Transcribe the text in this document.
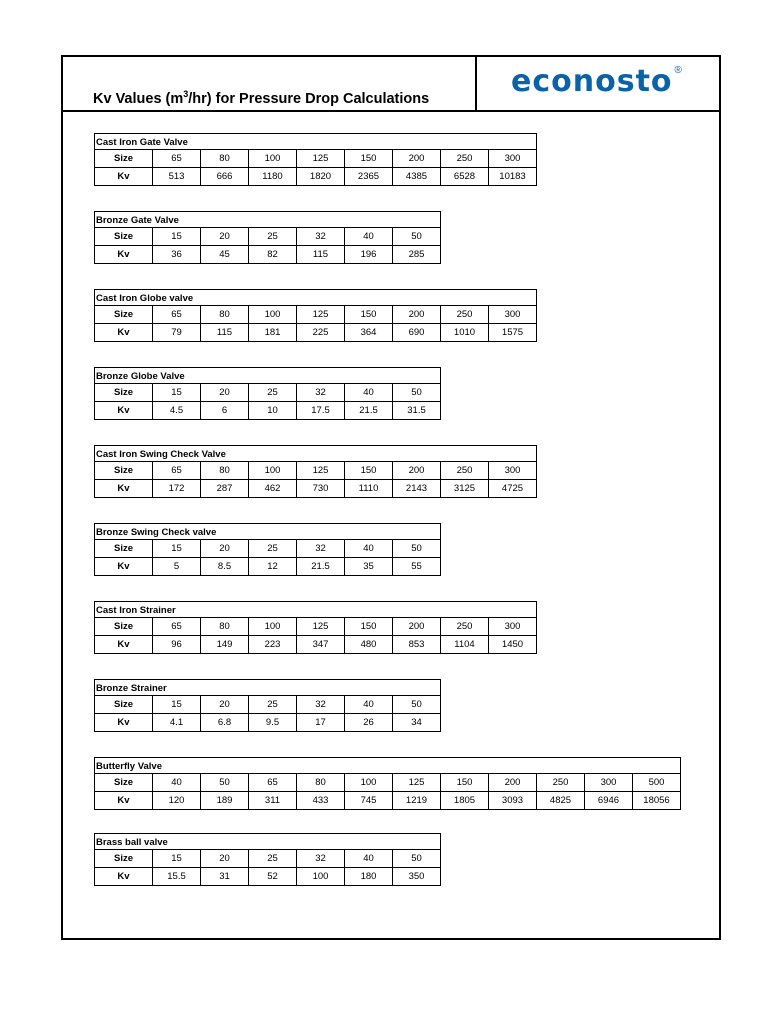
Kv Values $(m^3/hr)$ for Pressure Drop Calculations	econosto ®
Cast Iron Gate Valve
Size	65	80	100	125	150	200	250	300
Kv	513	666	1180	1820	2365	4385	6528	10183
Bronze Gate Valve
Size	15	20	25	32	40	50
Kv	36	45	82	115	196	285
Cast Iron Globe valve
Size	65	80	100	125	150	200	250	300
Kv	79	115	181	225	364	690	1010	1575
Bronze Globe Valve
Size	15	20	25	32	40	50
Kv	4.5	6	10	17.5	21.5	31.5
Cast Iron Swing Check Valve
Size	65	80	100	125	150	200	250	300
Kv	172	287	462	730	1110	2143	3125	4725
Bronze Swing Check valve
Size	15	20	25	32	40	50
Kv	5	8.5	12	21.5	35	55
Cast Iron Strainer
Size	65	80	100	125	150	200	250	300
Kv	96	149	223	347	480	853	1104	1450
Bronze Strainer
Size	15	20	25	32	40	50
Kv	4.1	6.8	9.5	17	26	34
Butterfly Valve
Size	40	50	65	80	100	125	150	200	250	300	500
Kv	120	189	311	433	745	1219	1805	3093	4825	6946	18056
Brass ball valve
Size	15	20	25	32	40	50
Kv	15.5	31	52	100	180	350
